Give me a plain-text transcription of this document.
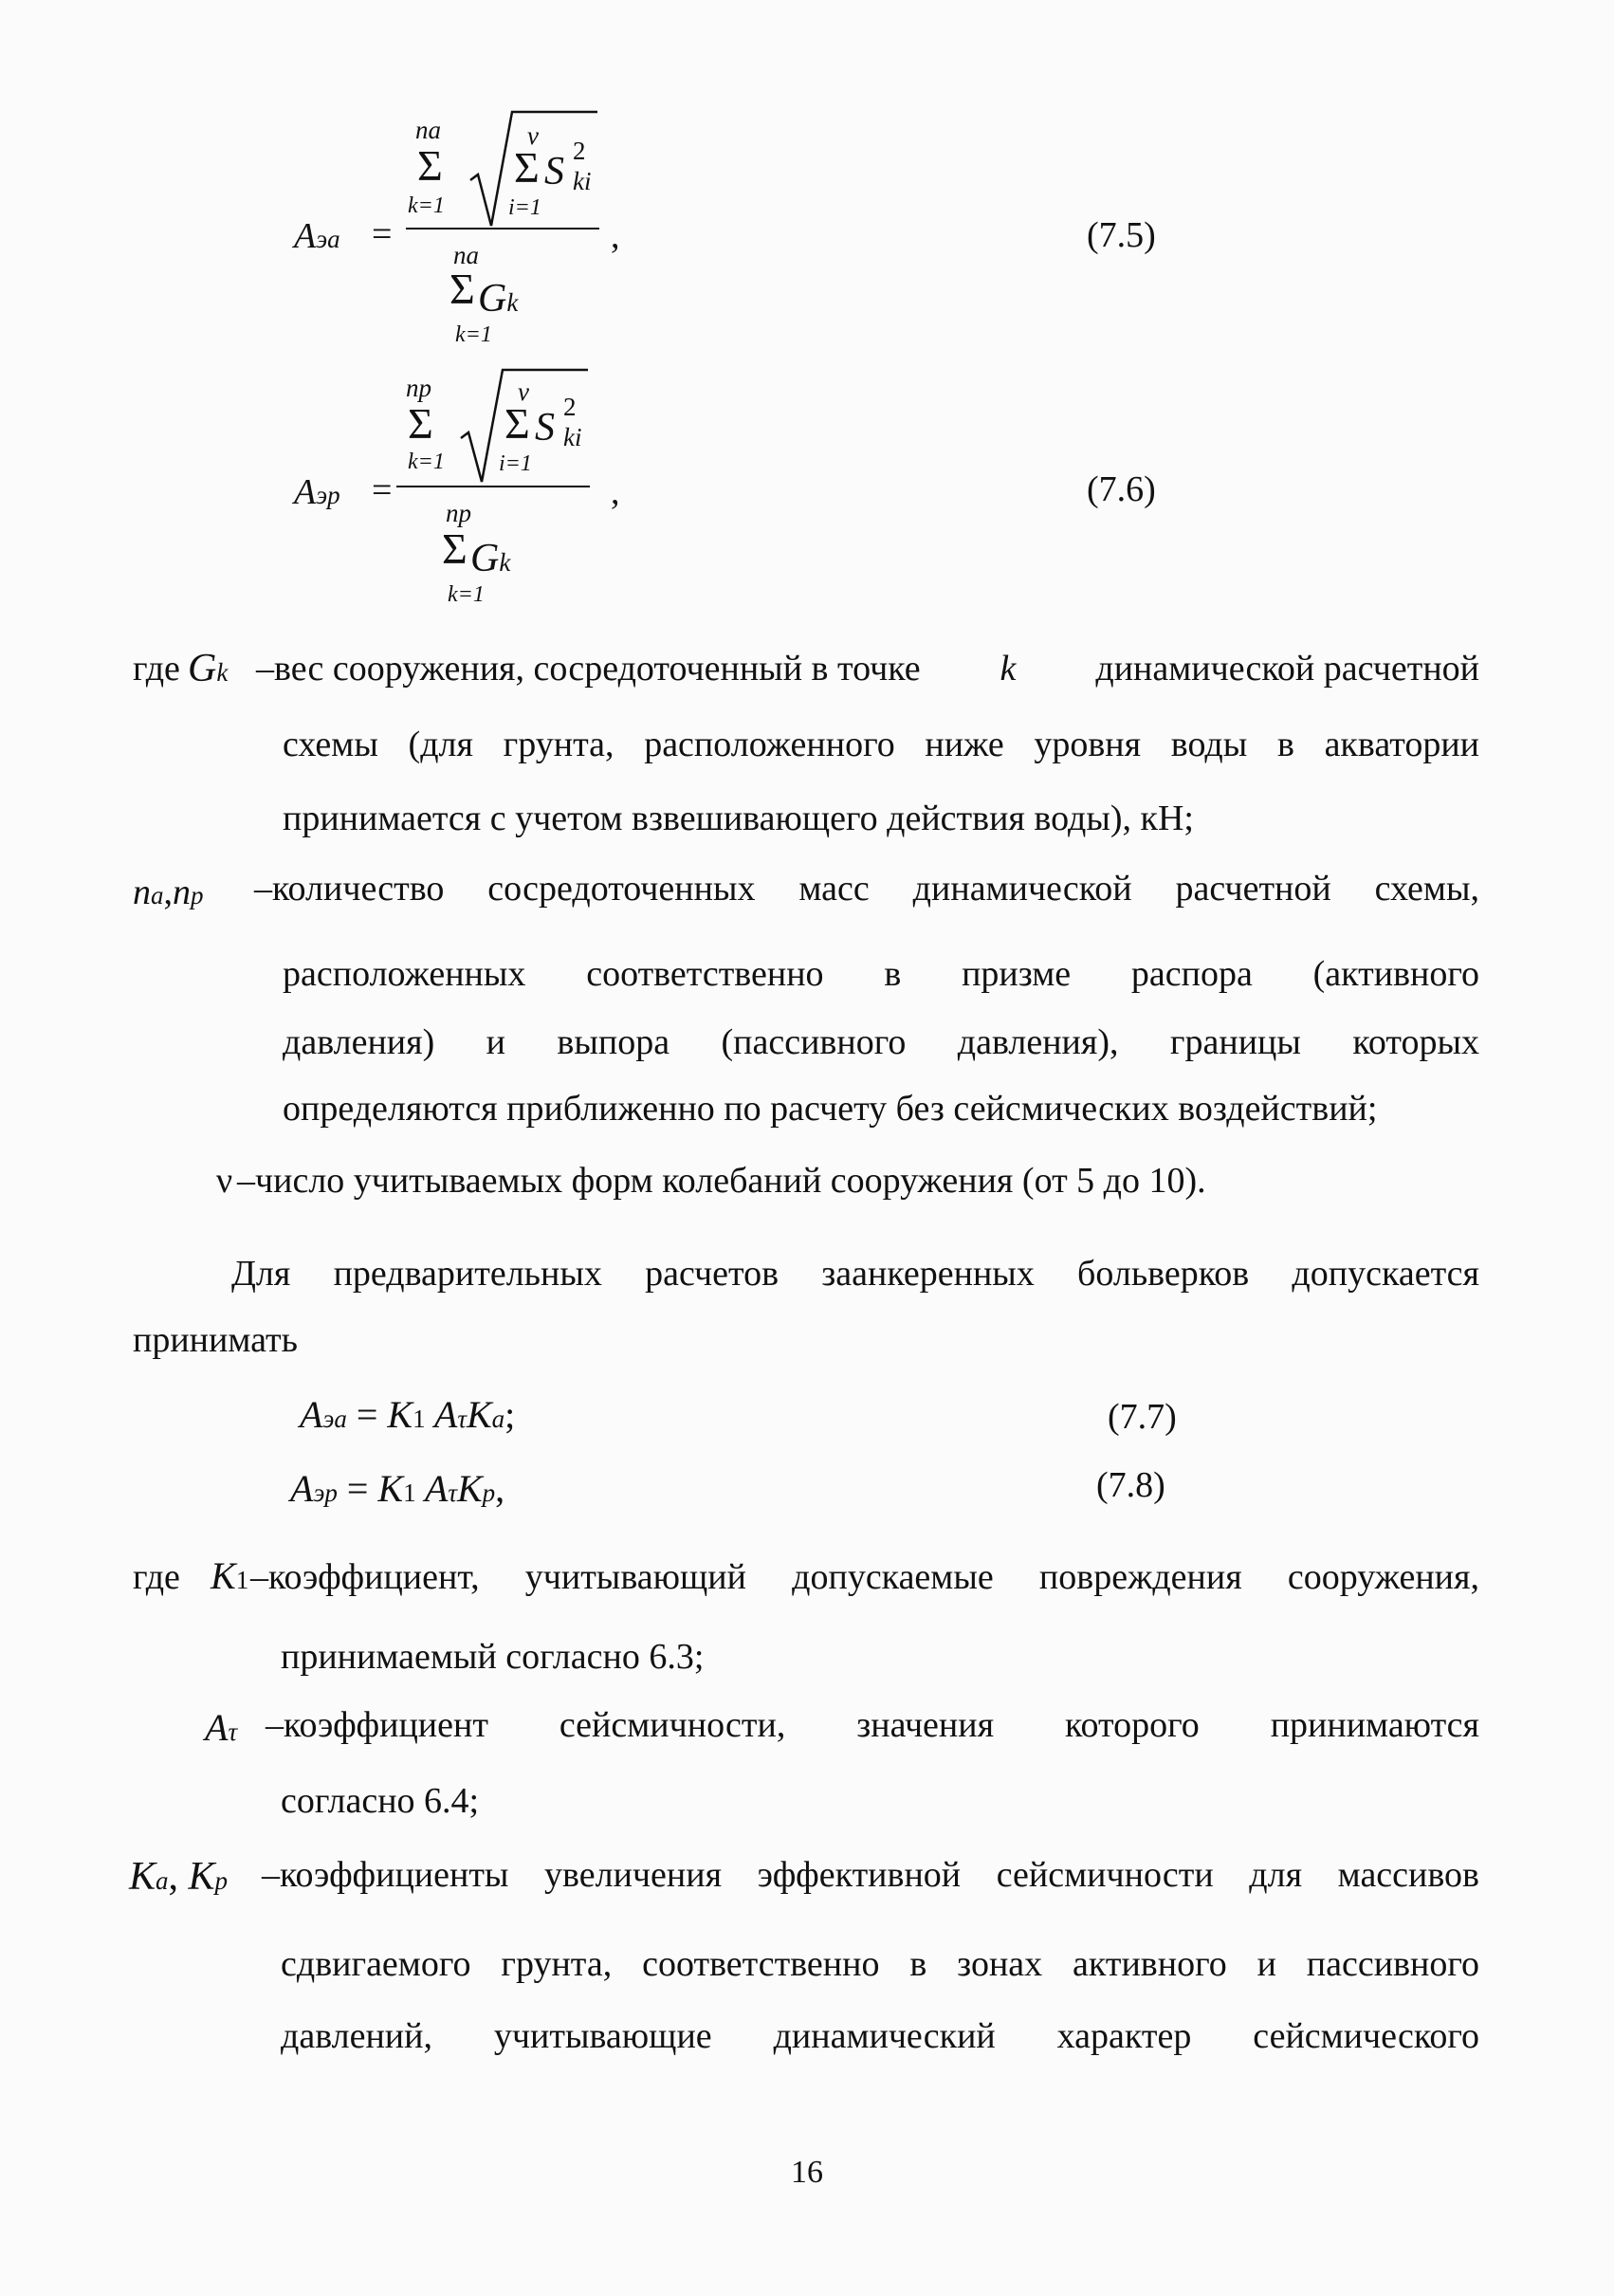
Aэа =
na
Σ
k=1
ν
Σ S 2
ki
i=1
na
Σ Gk
k=1
,	(7.5)
Aэр =
np
Σ
k=1
ν
Σ S 2
ki
i=1
np
Σ Gk
k=1
,	(7.6)
где Gk –вес сооружения, сосредоточенный в точке k динамической расчетной
схемы (для грунта, расположенного ниже уровня воды в акватории
принимается с учетом взвешивающего действия воды), кН;
na,np –количество сосредоточенных масс динамической расчетной схемы,
расположенных соответственно в призме распора (активного
давления) и выпора (пассивного давления), границы которых
определяются приближенно по расчету без сейсмических воздействий;
ν –число учитываемых форм колебаний сооружения (от 5 до 10).
Для предварительных расчетов заанкеренных больверков допускается
принимать
Aэа = K1 AτKa;	(7.7)
Aэр = K1 AτKp,	(7.8)
где K1 –коэффициент, учитывающий допускаемые повреждения сооружения,
принимаемый согласно 6.3;
Aτ –коэффициент сейсмичности, значения которого принимаются
согласно 6.4;
Ka, Kp –коэффициенты увеличения эффективной сейсмичности для массивов
сдвигаемого грунта, соответственно в зонах активного и пассивного
давлений, учитывающие динамический характер сейсмического
16
